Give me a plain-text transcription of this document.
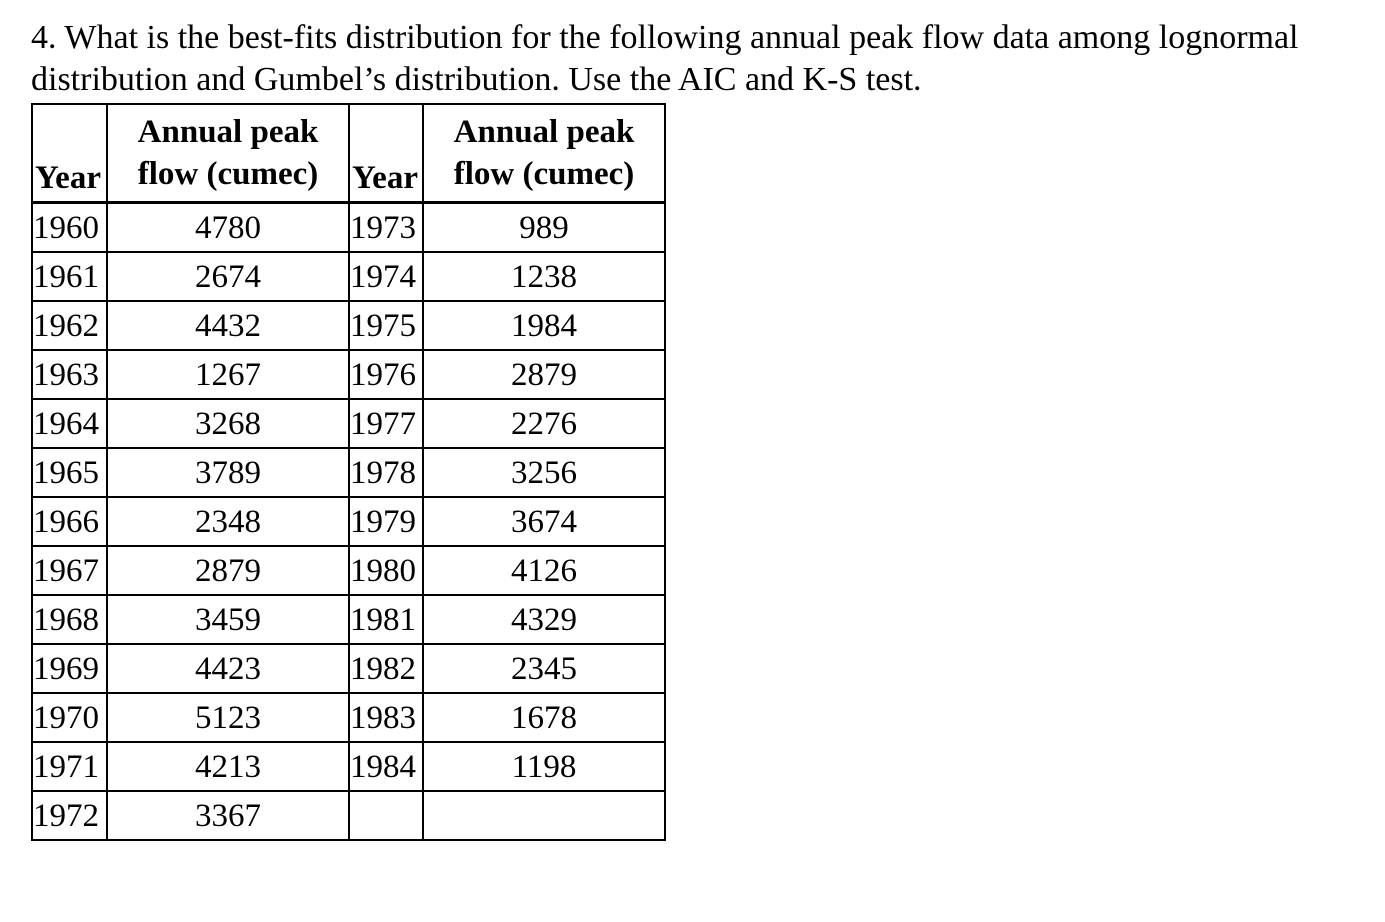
4. What is the best-fits distribution for the following annual peak flow data among lognormal
distribution and Gumbel’s distribution. Use the AIC and K-S test.
Year	Annual peak
flow (cumec)	Year	Annual peak
flow (cumec)

1960	4780	1973	989
1961	2674	1974	1238
1962	4432	1975	1984
1963	1267	1976	2879
1964	3268	1977	2276
1965	3789	1978	3256
1966	2348	1979	3674
1967	2879	1980	4126
1968	3459	1981	4329
1969	4423	1982	2345
1970	5123	1983	1678
1971	4213	1984	1198
1972	3367		
